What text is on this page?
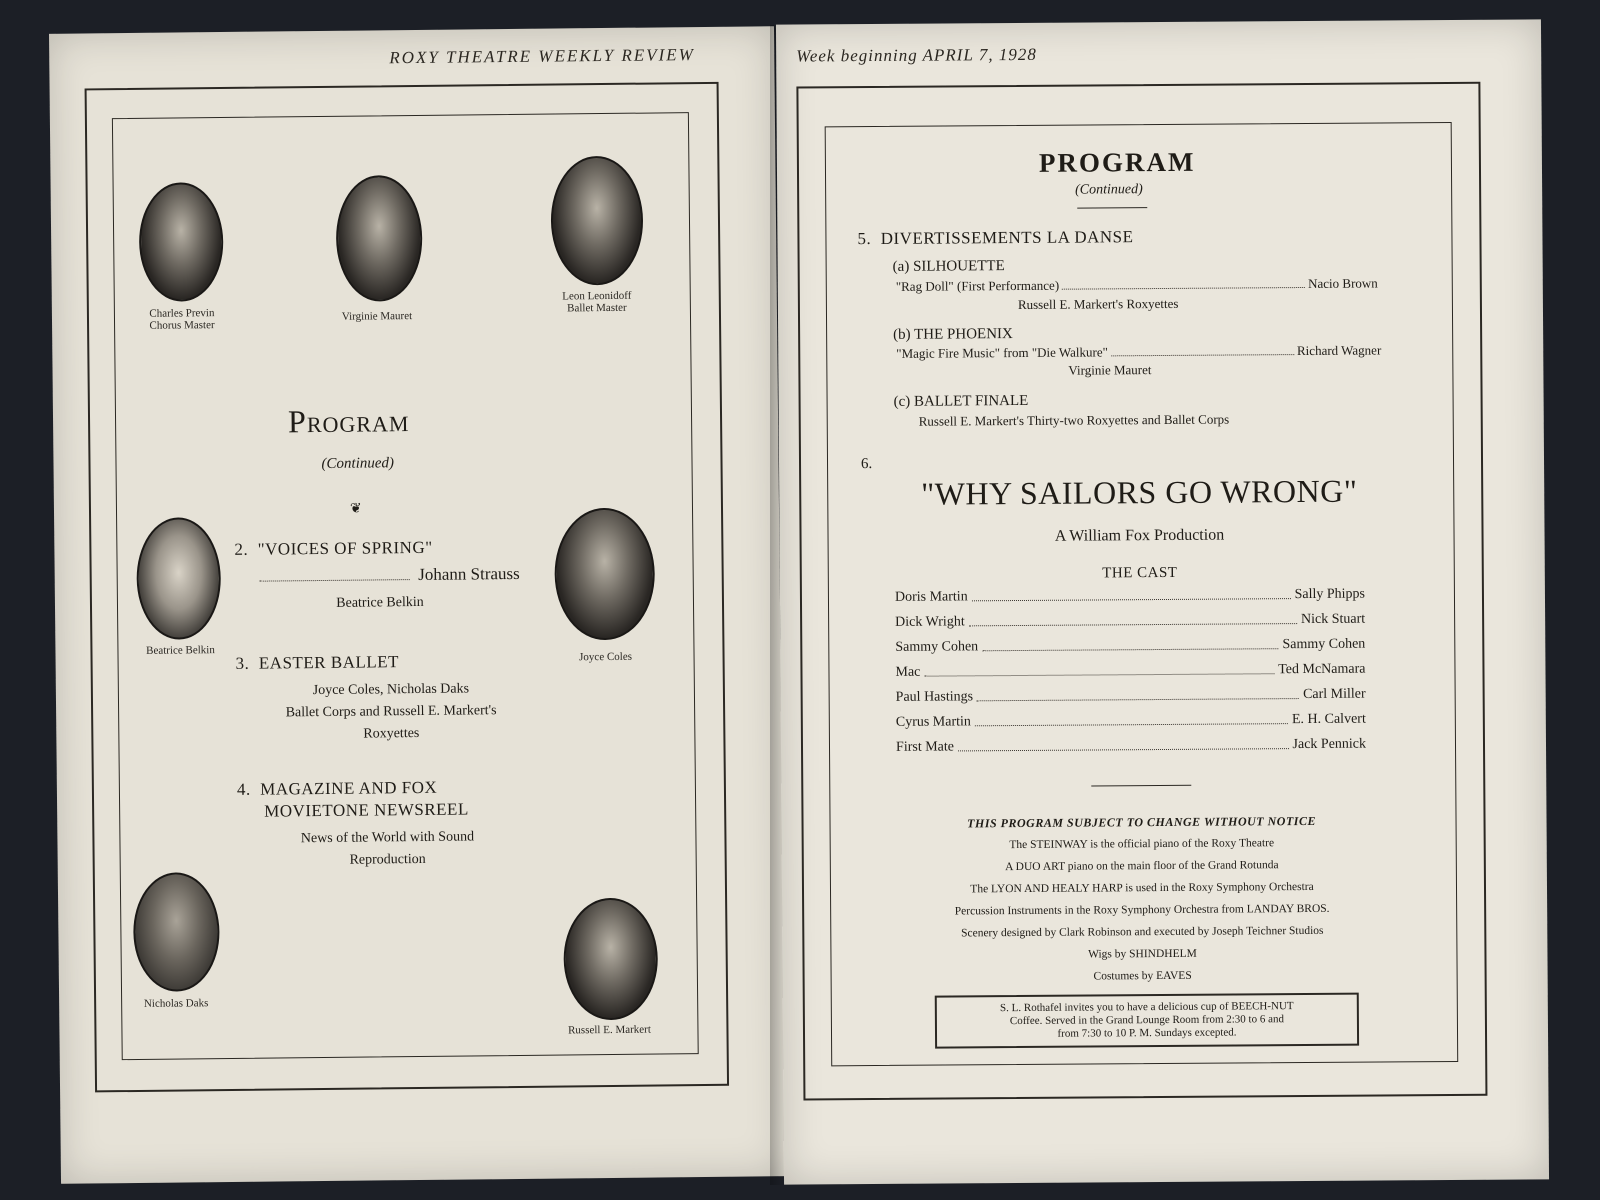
ROXY THEATRE WEEKLY REVIEW
Charles Previn
Chorus Master
Virginie Mauret
Leon Leonidoff
Ballet Master
Program
(Continued)
❦
Beatrice Belkin
Joyce Coles
2. "VOICES OF SPRING"
Johann Strauss
Beatrice Belkin
3. EASTER BALLET
Joyce Coles, Nicholas Daks
Ballet Corps and Russell E. Markert's
Roxyettes
4. MAGAZINE AND FOX
MOVIETONE NEWSREEL
News of the World with Sound
Reproduction
Nicholas Daks
Russell E. Markert
Week beginning APRIL 7, 1928
PROGRAM
(Continued)
5. DIVERTISSEMENTS LA DANSE
(a) SILHOUETTE
"Rag Doll" (First Performance)	Nacio Brown
Russell E. Markert's Roxyettes
(b) THE PHOENIX
"Magic Fire Music" from "Die Walkure"	Richard Wagner
Virginie Mauret
(c) BALLET FINALE
Russell E. Markert's Thirty-two Roxyettes and Ballet Corps
6.
"WHY SAILORS GO WRONG"
A William Fox Production
THE CAST
Doris Martin	Sally Phipps
Dick Wright	Nick Stuart
Sammy Cohen	Sammy Cohen
Mac	Ted McNamara
Paul Hastings	Carl Miller
Cyrus Martin	E. H. Calvert
First Mate	Jack Pennick
THIS PROGRAM SUBJECT TO CHANGE WITHOUT NOTICE
The STEINWAY is the official piano of the Roxy Theatre
A DUO ART piano on the main floor of the Grand Rotunda
The LYON AND HEALY HARP is used in the Roxy Symphony Orchestra
Percussion Instruments in the Roxy Symphony Orchestra from LANDAY BROS.
Scenery designed by Clark Robinson and executed by Joseph Teichner Studios
Wigs by SHINDHELM
Costumes by EAVES
S. L. Rothafel invites you to have a delicious cup of BEECH-NUT
Coffee. Served in the Grand Lounge Room from 2:30 to 6 and
from 7:30 to 10 P. M. Sundays excepted.
